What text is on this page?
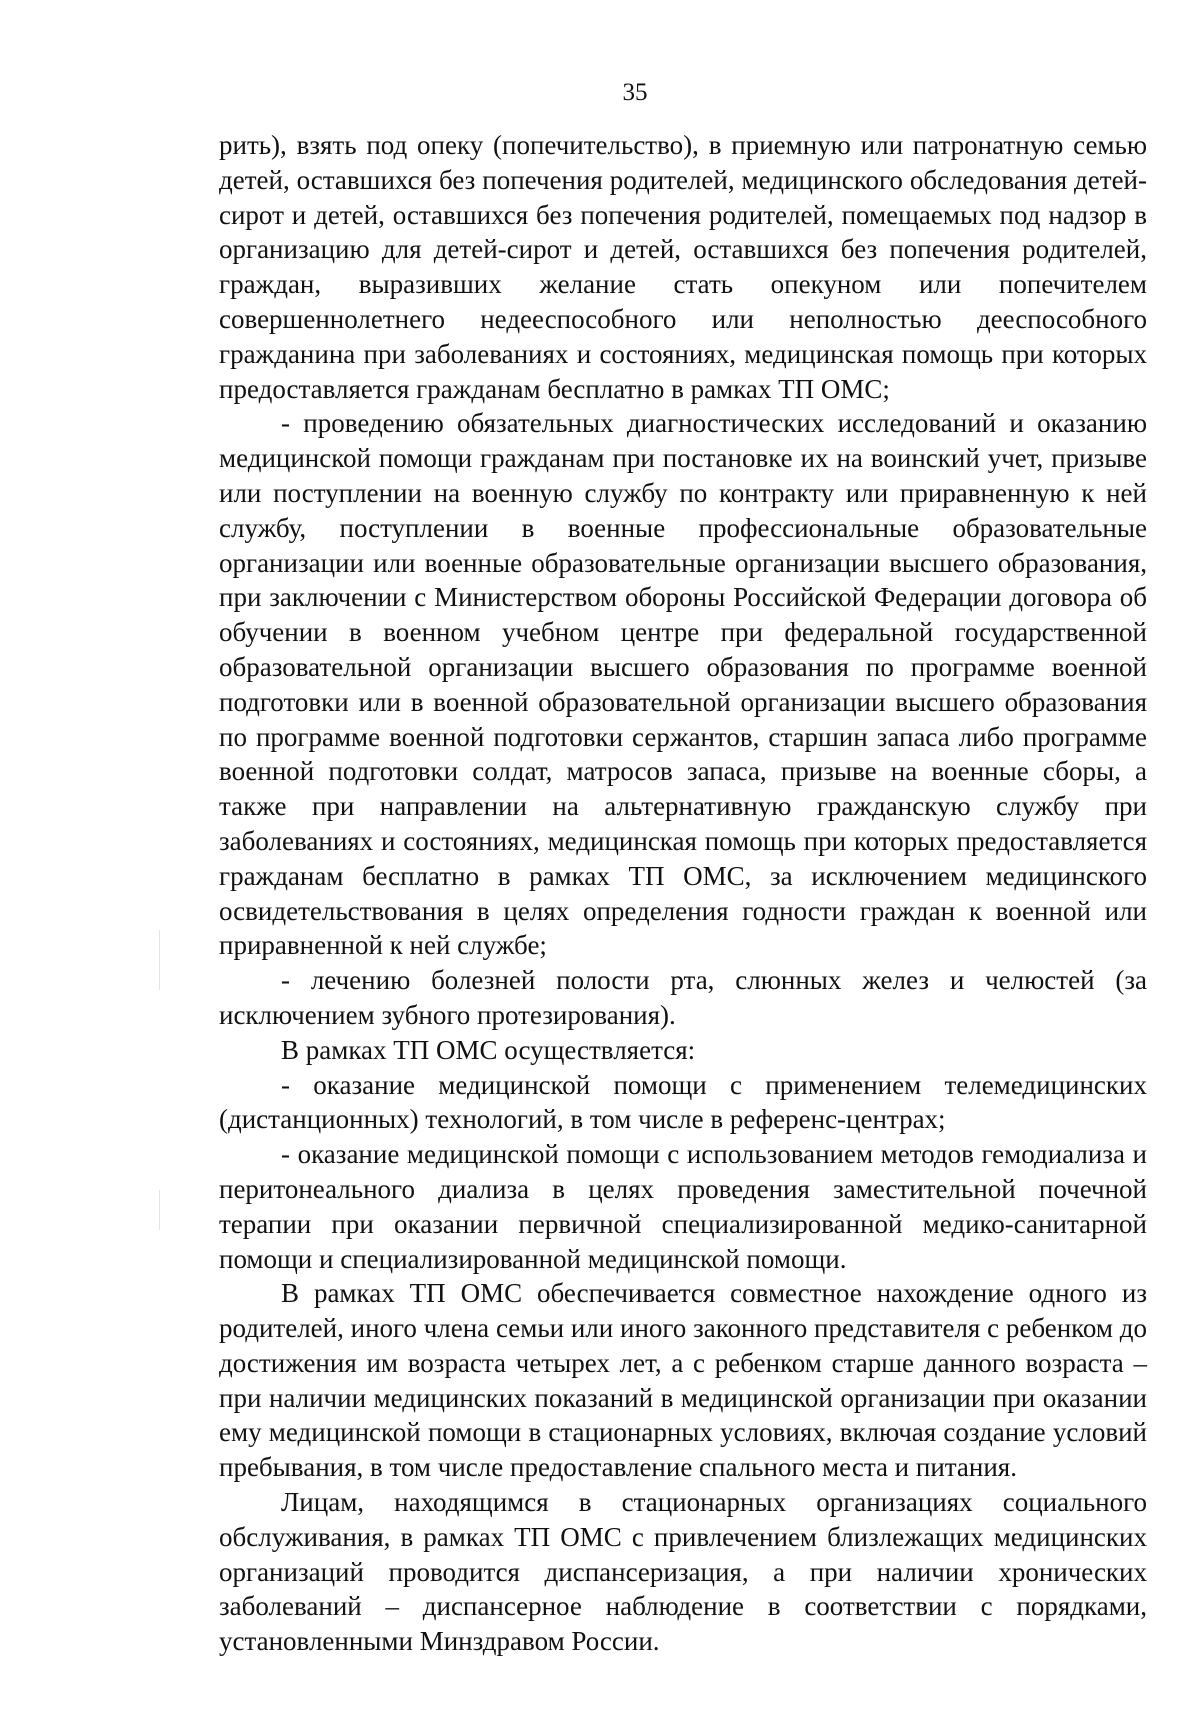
35

рить), взять под опеку (попечительство), в приемную или патронатную семью детей, оставшихся без попечения родителей, медицинского обследования детей-сирот и детей, оставшихся без попечения родителей, помещаемых под надзор в организацию для детей-сирот и детей, оставшихся без попечения родителей, граждан, выразивших желание стать опекуном или попечителем совершеннолетнего недееспособного или неполностью дееспособного гражданина при заболеваниях и состояниях, медицинская помощь при которых предоставляется гражданам бесплатно в рамках ТП ОМС;

- проведению обязательных диагностических исследований и оказанию медицинской помощи гражданам при постановке их на воинский учет, призыве или поступлении на военную службу по контракту или приравненную к ней службу, поступлении в военные профессиональные образовательные организации или военные образовательные организации высшего образования, при заключении с Министерством обороны Российской Федерации договора об обучении в военном учебном центре при федеральной государственной образовательной организации высшего образования по программе военной подготовки или в военной образовательной организации высшего образования по программе военной подготовки сержантов, старшин запаса либо программе военной подготовки солдат, матросов запаса, призыве на военные сборы, а также при направлении на альтернативную гражданскую службу при заболеваниях и состояниях, медицинская помощь при которых предоставляется гражданам бесплатно в рамках ТП ОМС, за исключением медицинского освидетельствования в целях определения годности граждан к военной или приравненной к ней службе;

- лечению болезней полости рта, слюнных желез и челюстей (за исключением зубного протезирования).

В рамках ТП ОМС осуществляется:

- оказание медицинской помощи с применением телемедицинских (дистанционных) технологий, в том числе в референс-центрах;

- оказание медицинской помощи с использованием методов гемодиализа и перитонеального диализа в целях проведения заместительной почечной терапии при оказании первичной специализированной медико-санитарной помощи и специализированной медицинской помощи.

В рамках ТП ОМС обеспечивается совместное нахождение одного из родителей, иного члена семьи или иного законного представителя с ребенком до достижения им возраста четырех лет, а с ребенком старше данного возраста – при наличии медицинских показаний в медицинской организации при оказании ему медицинской помощи в стационарных условиях, включая создание условий пребывания, в том числе предоставление спального места и питания.

Лицам, находящимся в стационарных организациях социального обслуживания, в рамках ТП ОМС с привлечением близлежащих медицинских организаций проводится диспансеризация, а при наличии хронических заболеваний – диспансерное наблюдение в соответствии с порядками, установленными Минздравом России.
